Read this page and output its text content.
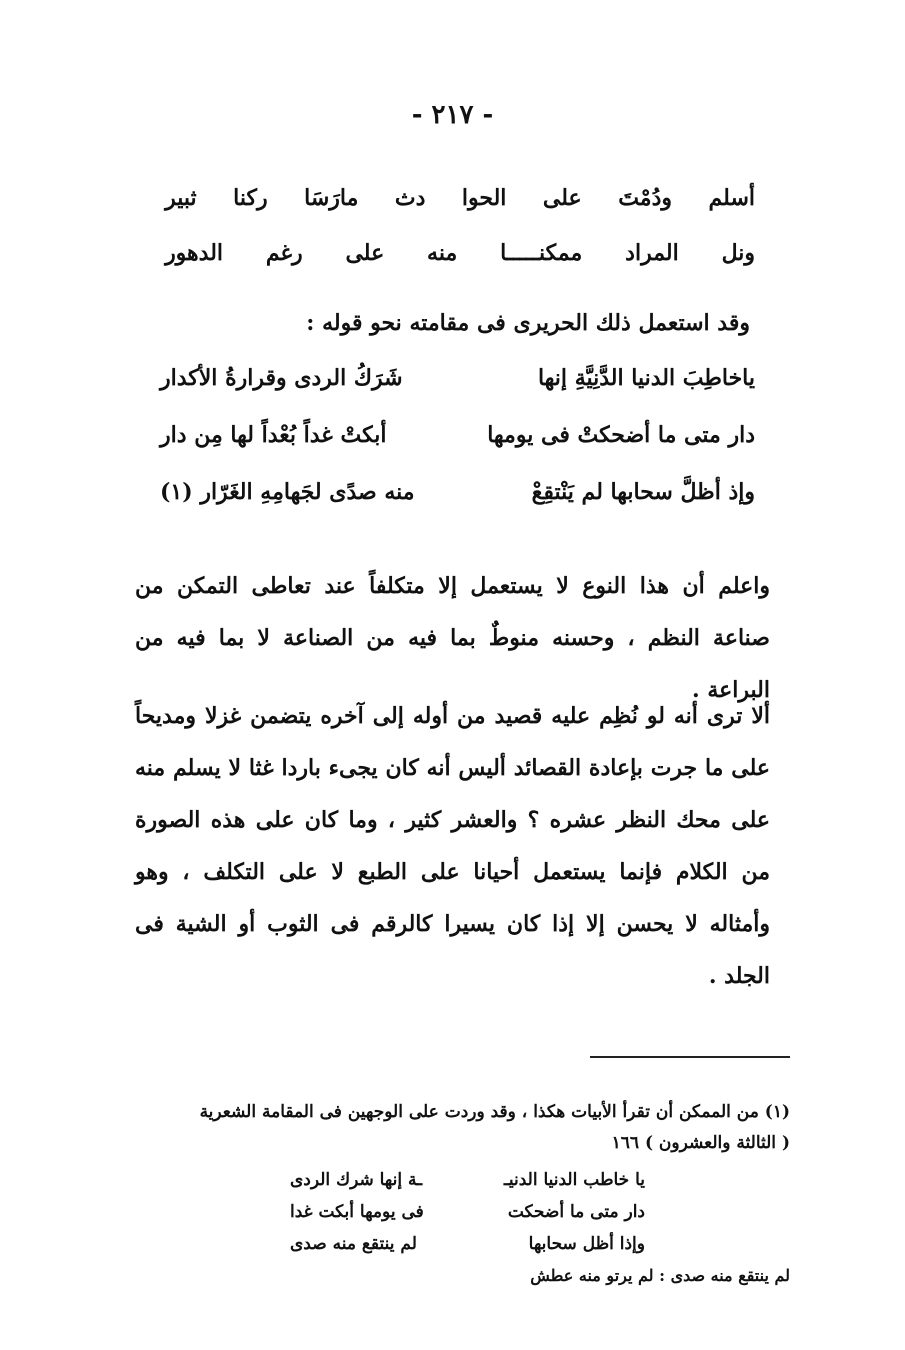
- ٢١٧ -
أسلم
ودُمْتَ
على
الحوا
دث
مارَسَا
ركنا
ثبير
ونل
المراد
ممكنـــــا
منه
على
رغم
الدهور
وقد استعمل ذلك الحريرى فى مقامته نحو قوله :
ياخاطِبَ الدنيا الدَّنِيَّةِ إنها
شَرَكُ الردى وقرارةُ الأكدار
دار متى ما أضحكتْ فى يومها
أبكتْ غداً بُعْداً لها مِن دار
وإذ أظلَّ سحابها لم يَنْتقِعْ
منه صدًى لجَهامِهِ الغَرّار (١)
واعلم أن هذا النوع لا يستعمل إلا متكلفاً عند تعاطى التمكن من صناعة النظم ، وحسنه منوطٌ بما فيه من الصناعة لا بما فيه من البراعة .
ألا ترى أنه لو نُظِم عليه قصيد من أوله إلى آخره يتضمن غزلا ومديحاً على ما جرت بإعادة القصائد أليس أنه كان يجىء باردا غثا لا يسلم منه على محك النظر عشره ؟ والعشر كثير ، وما كان على هذه الصورة من الكلام فإنما يستعمل أحيانا على الطبع لا على التكلف ، وهو وأمثاله لا يحسن إلا إذا كان يسيرا كالرقم فى الثوب أو الشية فى الجلد .
(١) من الممكن أن تقرأ الأبيات هكذا ، وقد وردت على الوجهين فى المقامة الشعرية
( الثالثة والعشرون ) ١٦٦
يا خاطب الدنيا الدنيـ
ـة إنها شرك الردى
دار متى ما أضحكت
فى يومها أبكت غدا
وإذا أظل سحابها
لم ينتقع منه صدى
لم ينتقع منه صدى : لم يرتو منه عطش
